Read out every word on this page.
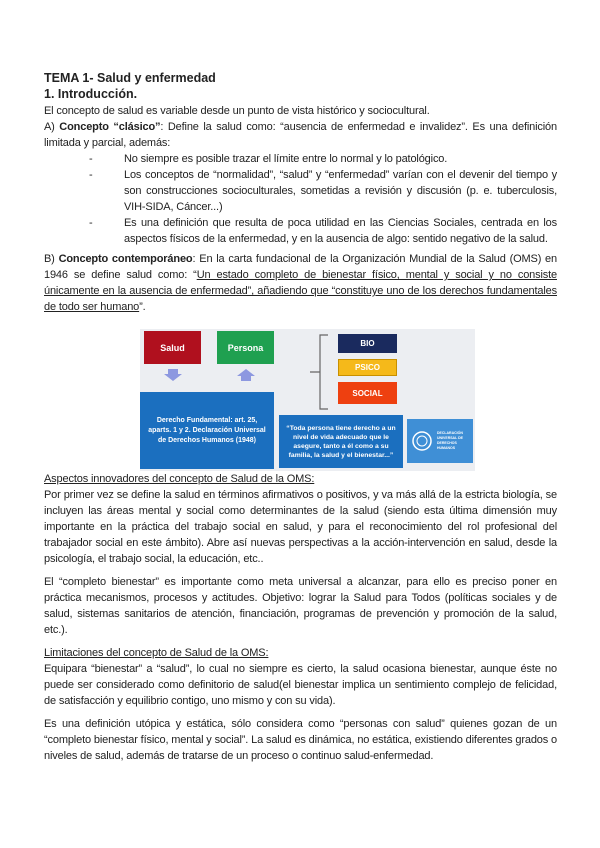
TEMA 1- Salud y enfermedad
1. Introducción.
El concepto de salud es variable desde un punto de vista histórico y sociocultural.
A) Concepto “clásico”: Define la salud como: “ausencia de enfermedad e invalidez”. Es una definición limitada y parcial, además:
- No siempre es posible trazar el límite entre lo normal y lo patológico.
- Los conceptos de “normalidad”, “salud” y “enfermedad” varían con el devenir del tiempo y son construcciones socioculturales, sometidas a revisión y discusión (p. e. tuberculosis, VIH-SIDA, Cáncer...)
- Es una definición que resulta de poca utilidad en las Ciencias Sociales, centrada en los aspectos físicos de la enfermedad, y en la ausencia de algo: sentido negativo de la salud.
B) Concepto contemporáneo: En la carta fundacional de la Organización Mundial de la Salud (OMS) en 1946 se define salud como: “Un estado completo de bienestar físico, mental y social y no consiste únicamente en la ausencia de enfermedad”, añadiendo que “constituye uno de los derechos fundamentales de todo ser humano”.
Salud	Persona
Derecho Fundamental: art. 25, aparts. 1 y 2. Declaración Universal de Derechos Humanos (1948)
BIO
PSICO
SOCIAL
“Toda persona tiene derecho a un nivel de vida adecuado que le asegure, tanto a él como a su familia, la salud y el bienestar...”
DECLARACIÓN UNIVERSAL DE DERECHOS HUMANOS
Aspectos innovadores del concepto de Salud de la OMS:
Por primer vez se define la salud en términos afirmativos o positivos, y va más allá de la estricta biología, se incluyen las áreas mental y social como determinantes de la salud (siendo esta última dimensión muy importante en la práctica del trabajo social en salud, y para el reconocimiento del rol profesional del trabajador social en este ámbito). Abre así nuevas perspectivas a la acción-intervención en salud, desde la psicología, el trabajo social, la educación, etc..
El “completo bienestar” es importante como meta universal a alcanzar, para ello es preciso poner en práctica mecanismos, procesos y actitudes. Objetivo: lograr la Salud para Todos (políticas sociales y de salud, sistemas sanitarios de atención, financiación, programas de prevención y promoción de la salud, etc.).
Limitaciones del concepto de Salud de la OMS:
Equipara “bienestar” a “salud”, lo cual no siempre es cierto, la salud ocasiona bienestar, aunque éste no puede ser considerado como definitorio de salud(el bienestar implica un sentimiento complejo de felicidad, de satisfacción y equilibrio contigo, uno mismo y con su vida).
Es una definición utópica y estática, sólo considera como “personas con salud” quienes gozan de un “completo bienestar físico, mental y social”. La salud es dinámica, no estática, existiendo diferentes grados o niveles de salud, además de tratarse de un proceso o continuo salud-enfermedad.
